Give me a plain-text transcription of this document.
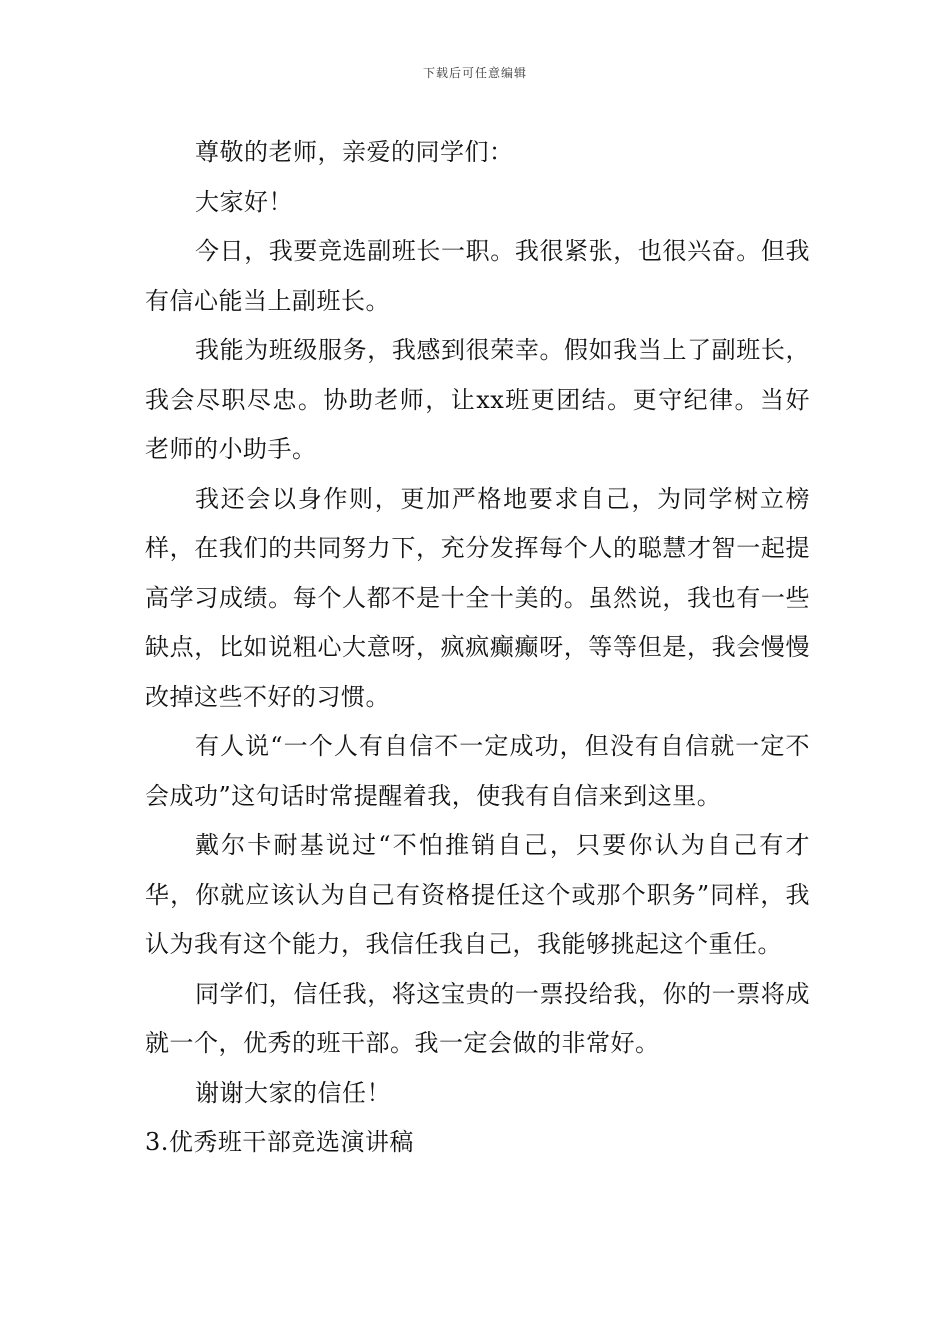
下载后可任意编辑

尊敬的老师，亲爱的同学们：

大家好！

今日，我要竞选副班长一职。我很紧张，也很兴奋。但我有信心能当上副班长。

我能为班级服务，我感到很荣幸。假如我当上了副班长，我会尽职尽忠。协助老师，让xx班更团结。更守纪律。当好老师的小助手。

我还会以身作则，更加严格地要求自己，为同学树立榜样，在我们的共同努力下，充分发挥每个人的聪慧才智一起提高学习成绩。每个人都不是十全十美的。虽然说，我也有一些缺点，比如说粗心大意呀，疯疯癫癫呀，等等但是，我会慢慢改掉这些不好的习惯。

有人说“一个人有自信不一定成功，但没有自信就一定不会成功”这句话时常提醒着我，使我有自信来到这里。

戴尔卡耐基说过“不怕推销自己，只要你认为自己有才华，你就应该认为自己有资格提任这个或那个职务”同样，我认为我有这个能力，我信任我自己，我能够挑起这个重任。

同学们，信任我，将这宝贵的一票投给我，你的一票将成就一个，优秀的班干部。我一定会做的非常好。

谢谢大家的信任！

3.优秀班干部竞选演讲稿
